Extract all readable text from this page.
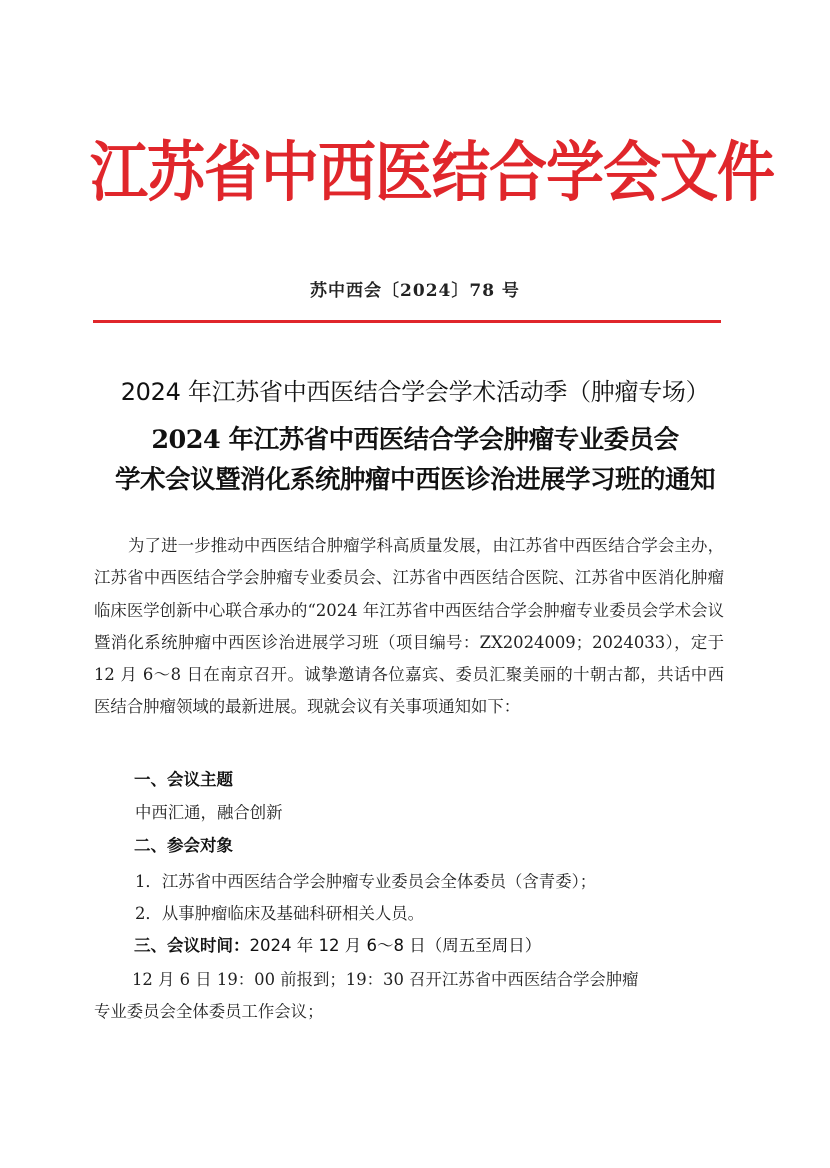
江苏省中西医结合学会文件
苏中西会〔2024〕78 号
2024 年江苏省中西医结合学会学术活动季（肿瘤专场）
2024 年江苏省中西医结合学会肿瘤专业委员会
学术会议暨消化系统肿瘤中西医诊治进展学习班的通知
为了进一步推动中西医结合肿瘤学科高质量发展，由江苏省中西医结合学会主办，江苏省中西医结合学会肿瘤专业委员会、江苏省中西医结合医院、江苏省中医消化肿瘤临床医学创新中心联合承办的“2024 年江苏省中西医结合学会肿瘤专业委员会学术会议暨消化系统肿瘤中西医诊治进展学习班（项目编号：ZX2024009；2024033），定于 12 月 6～8 日在南京召开。诚挚邀请各位嘉宾、委员汇聚美丽的十朝古都，共话中西医结合肿瘤领域的最新进展。现就会议有关事项通知如下：
一、会议主题
中西汇通，融合创新
二、参会对象
1．江苏省中西医结合学会肿瘤专业委员会全体委员（含青委）；
2．从事肿瘤临床及基础科研相关人员。
三、会议时间：2024 年 12 月 6～8 日（周五至周日）
12 月 6 日 19：00 前报到；19：30 召开江苏省中西医结合学会肿瘤
专业委员会全体委员工作会议；
